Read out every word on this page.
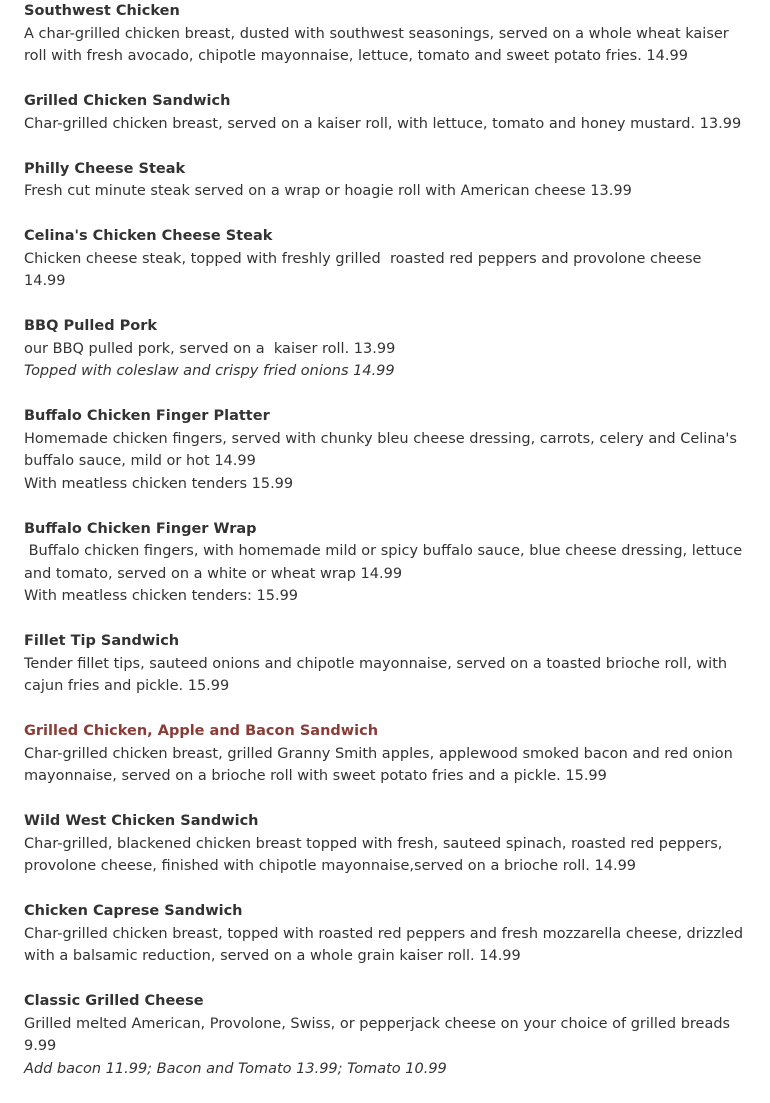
Southwest Chicken
A char-grilled chicken breast, dusted with southwest seasonings, served on a whole wheat kaiser roll with fresh avocado, chipotle mayonnaise, lettuce, tomato and sweet potato fries. 14.99
Grilled Chicken Sandwich
Char-grilled chicken breast, served on a kaiser roll, with lettuce, tomato and honey mustard. 13.99
Philly Cheese Steak
Fresh cut minute steak served on a wrap or hoagie roll with American cheese 13.99
Celina's Chicken Cheese Steak
Chicken cheese steak, topped with freshly grilled  roasted red peppers and provolone cheese 14.99
BBQ Pulled Pork
our BBQ pulled pork, served on a  kaiser roll. 13.99
Topped with coleslaw and crispy fried onions 14.99
Buffalo Chicken Finger Platter
Homemade chicken fingers, served with chunky bleu cheese dressing, carrots, celery and Celina's buffalo sauce, mild or hot 14.99
With meatless chicken tenders 15.99
Buffalo Chicken Finger Wrap
Buffalo chicken fingers, with homemade mild or spicy buffalo sauce, blue cheese dressing, lettuce and tomato, served on a white or wheat wrap 14.99
With meatless chicken tenders: 15.99
Fillet Tip Sandwich
Tender fillet tips, sauteed onions and chipotle mayonnaise, served on a toasted brioche roll, with cajun fries and pickle. 15.99
Grilled Chicken, Apple and Bacon Sandwich
Char-grilled chicken breast, grilled Granny Smith apples, applewood smoked bacon and red onion mayonnaise, served on a brioche roll with sweet potato fries and a pickle. 15.99
Wild West Chicken Sandwich
Char-grilled, blackened chicken breast topped with fresh, sauteed spinach, roasted red peppers, provolone cheese, finished with chipotle mayonnaise,served on a brioche roll. 14.99
Chicken Caprese Sandwich
Char-grilled chicken breast, topped with roasted red peppers and fresh mozzarella cheese, drizzled with a balsamic reduction, served on a whole grain kaiser roll. 14.99
Classic Grilled Cheese
Grilled melted American, Provolone, Swiss, or pepperjack cheese on your choice of grilled breads 9.99
Add bacon 11.99; Bacon and Tomato 13.99; Tomato 10.99
